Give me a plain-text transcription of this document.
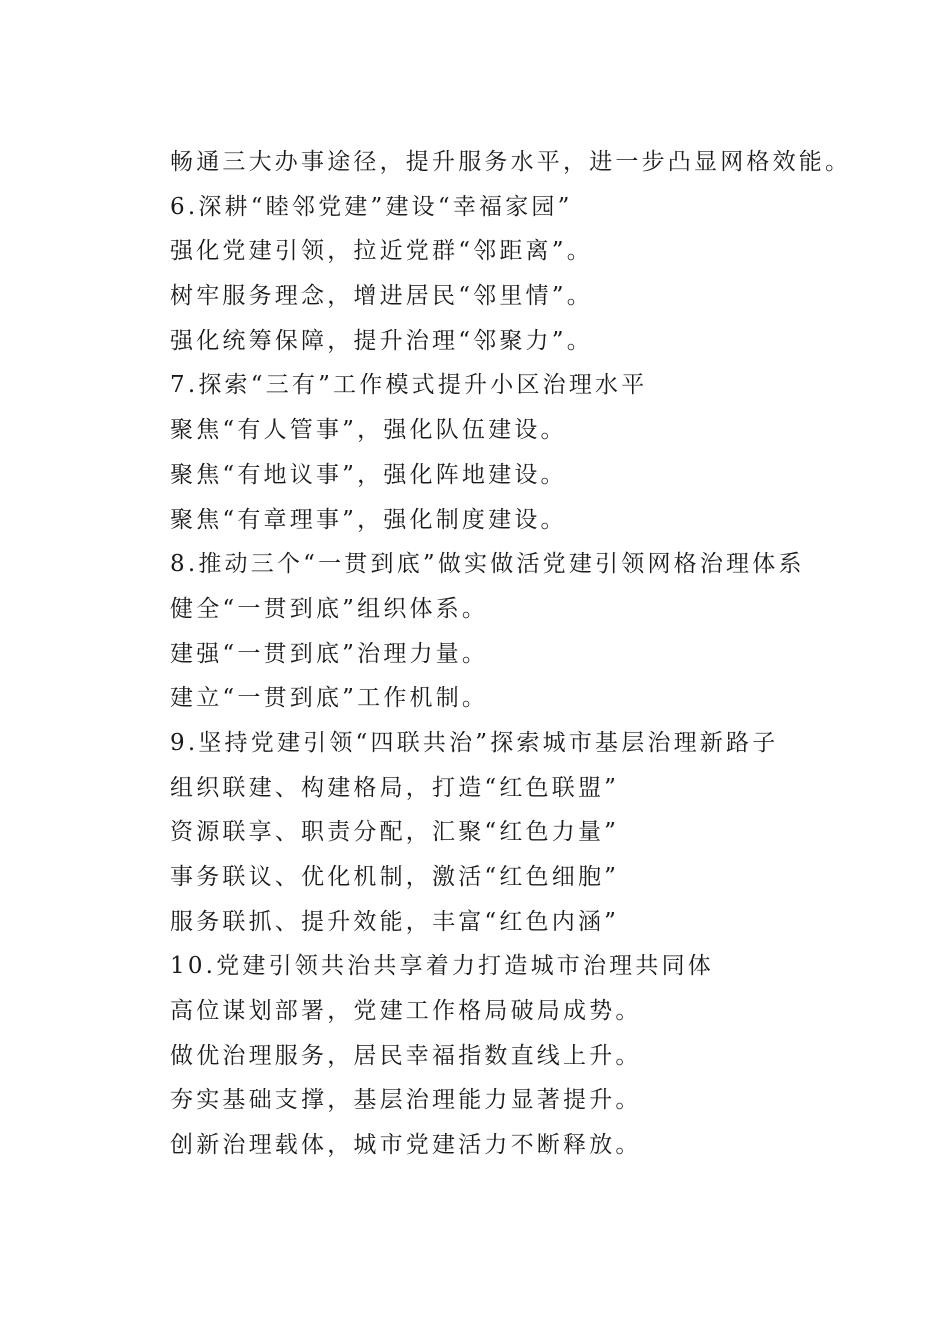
畅通三大办事途径，提升服务水平，进一步凸显网格效能。
6.深耕“睦邻党建”建设“幸福家园”
强化党建引领，拉近党群“邻距离”。
树牢服务理念，增进居民“邻里情”。
强化统筹保障，提升治理“邻聚力”。
7.探索“三有”工作模式提升小区治理水平
聚焦“有人管事”，强化队伍建设。
聚焦“有地议事”，强化阵地建设。
聚焦“有章理事”，强化制度建设。
8.推动三个“一贯到底”做实做活党建引领网格治理体系
健全“一贯到底”组织体系。
建强“一贯到底”治理力量。
建立“一贯到底”工作机制。
9.坚持党建引领“四联共治”探索城市基层治理新路子
组织联建、构建格局，打造“红色联盟”
资源联享、职责分配，汇聚“红色力量”
事务联议、优化机制，激活“红色细胞”
服务联抓、提升效能，丰富“红色内涵”
10.党建引领共治共享着力打造城市治理共同体
高位谋划部署，党建工作格局破局成势。
做优治理服务，居民幸福指数直线上升。
夯实基础支撑，基层治理能力显著提升。
创新治理载体，城市党建活力不断释放。
